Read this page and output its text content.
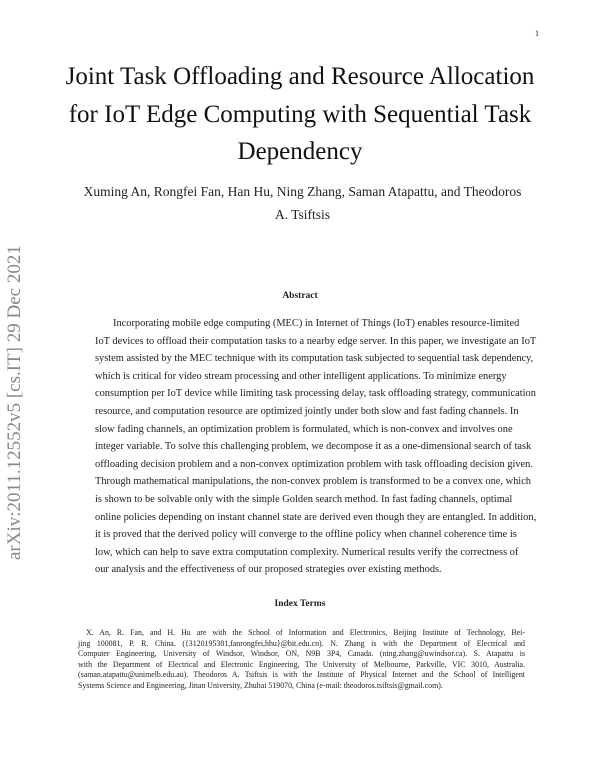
1
arXiv:2011.12552v5 [cs.IT] 29 Dec 2021
Joint Task Offloading and Resource Allocation
for IoT Edge Computing with Sequential Task
Dependency
Xuming An, Rongfei Fan, Han Hu, Ning Zhang, Saman Atapattu, and Theodoros
A. Tsiftsis
Abstract
Incorporating mobile edge computing (MEC) in Internet of Things (IoT) enables resource-limited
IoT devices to offload their computation tasks to a nearby edge server. In this paper, we investigate an IoT
system assisted by the MEC technique with its computation task subjected to sequential task dependency,
which is critical for video stream processing and other intelligent applications. To minimize energy
consumption per IoT device while limiting task processing delay, task offloading strategy, communication
resource, and computation resource are optimized jointly under both slow and fast fading channels. In
slow fading channels, an optimization problem is formulated, which is non-convex and involves one
integer variable. To solve this challenging problem, we decompose it as a one-dimensional search of task
offloading decision problem and a non-convex optimization problem with task offloading decision given.
Through mathematical manipulations, the non-convex problem is transformed to be a convex one, which
is shown to be solvable only with the simple Golden search method. In fast fading channels, optimal
online policies depending on instant channel state are derived even though they are entangled. In addition,
it is proved that the derived policy will converge to the offline policy when channel coherence time is
low, which can help to save extra computation complexity. Numerical results verify the correctness of
our analysis and the effectiveness of our proposed strategies over existing methods.
Index Terms
X. An, R. Fan, and H. Hu are with the School of Information and Electronics, Beijing Institute of Technology, Bei-
jing 100081, P. R. China. ({3120195381,fanrongfei,hhu}@bit.edu.cn). N. Zhang is with the Department of Electrical and
Computer Engineering, University of Windsor, Windsor, ON, N9B 3P4, Canada. (ning.zhang@uwindsor.ca). S. Atapattu is
with the Department of Electrical and Electronic Engineering, The University of Melbourne, Parkville, VIC 3010, Australia.
(saman.atapattu@unimelb.edu.au). Theodoros A. Tsiftsis is with the Institute of Physical Internet and the School of Intelligent
Systems Science and Engineering, Jinan University, Zhuhai 519070, China (e-mail: theodoros.tsiftsis@gmail.com).
